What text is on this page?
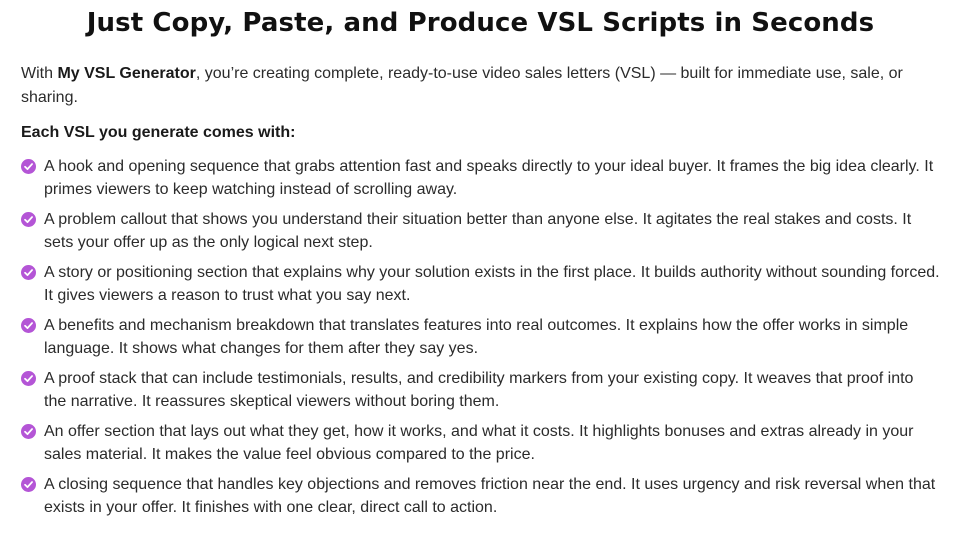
Just Copy, Paste, and Produce VSL Scripts in Seconds

With My VSL Generator, you’re creating complete, ready-to-use video sales letters (VSL) — built for immediate use, sale, or sharing.

Each VSL you generate comes with:

A hook and opening sequence that grabs attention fast and speaks directly to your ideal buyer. It frames the big idea clearly. It primes viewers to keep watching instead of scrolling away.
A problem callout that shows you understand their situation better than anyone else. It agitates the real stakes and costs. It sets your offer up as the only logical next step.
A story or positioning section that explains why your solution exists in the first place. It builds authority without sounding forced. It gives viewers a reason to trust what you say next.
A benefits and mechanism breakdown that translates features into real outcomes. It explains how the offer works in simple language. It shows what changes for them after they say yes.
A proof stack that can include testimonials, results, and credibility markers from your existing copy. It weaves that proof into the narrative. It reassures skeptical viewers without boring them.
An offer section that lays out what they get, how it works, and what it costs. It highlights bonuses and extras already in your sales material. It makes the value feel obvious compared to the price.
A closing sequence that handles key objections and removes friction near the end. It uses urgency and risk reversal when that exists in your offer. It finishes with one clear, direct call to action.
